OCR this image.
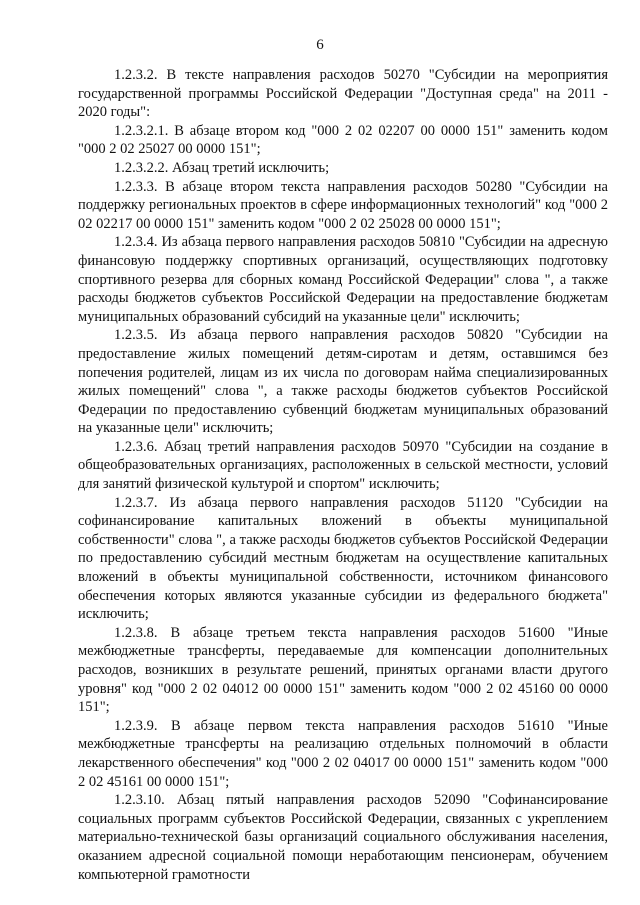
6

1.2.3.2. В тексте направления расходов 50270 "Субсидии на мероприятия государственной программы Российской Федерации "Доступная среда" на 2011 - 2020 годы":

1.2.3.2.1. В абзаце втором код "000 2 02 02207 00 0000 151" заменить кодом "000 2 02 25027 00 0000 151";

1.2.3.2.2. Абзац третий исключить;

1.2.3.3. В абзаце втором текста направления расходов 50280 "Субсидии на поддержку региональных проектов в сфере информационных технологий" код "000 2 02 02217 00 0000 151" заменить кодом "000 2 02 25028 00 0000 151";

1.2.3.4. Из абзаца первого направления расходов 50810 "Субсидии на адресную финансовую поддержку спортивных организаций, осуществляющих подготовку спортивного резерва для сборных команд Российской Федерации" слова ", а также расходы бюджетов субъектов Российской Федерации на предоставление бюджетам муниципальных образований субсидий на указанные цели" исключить;

1.2.3.5. Из абзаца первого направления расходов 50820 "Субсидии на предоставление жилых помещений детям-сиротам и детям, оставшимся без попечения родителей, лицам из их числа по договорам найма специализированных жилых помещений" слова ", а также расходы бюджетов субъектов Российской Федерации по предоставлению субвенций бюджетам муниципальных образований на указанные цели" исключить;

1.2.3.6. Абзац третий направления расходов 50970 "Субсидии на создание в общеобразовательных организациях, расположенных в сельской местности, условий для занятий физической культурой и спортом" исключить;

1.2.3.7. Из абзаца первого направления расходов 51120 "Субсидии на софинансирование капитальных вложений в объекты муниципальной собственности" слова ", а также расходы бюджетов субъектов Российской Федерации по предоставлению субсидий местным бюджетам на осуществление капитальных вложений в объекты муниципальной собственности, источником финансового обеспечения которых являются указанные субсидии из федерального бюджета" исключить;

1.2.3.8. В абзаце третьем текста направления расходов 51600 "Иные межбюджетные трансферты, передаваемые для компенсации дополнительных расходов, возникших в результате решений, принятых органами власти другого уровня" код "000 2 02 04012 00 0000 151" заменить кодом "000 2 02 45160 00 0000 151";

1.2.3.9. В абзаце первом текста направления расходов 51610 "Иные межбюджетные трансферты на реализацию отдельных полномочий в области лекарственного обеспечения" код "000 2 02 04017 00 0000 151" заменить кодом "000 2 02 45161 00 0000 151";

1.2.3.10. Абзац пятый направления расходов 52090 "Софинансирование социальных программ субъектов Российской Федерации, связанных с укреплением материально-технической базы организаций социального обслуживания населения, оказанием адресной социальной помощи неработающим пенсионерам, обучением компьютерной грамотности
